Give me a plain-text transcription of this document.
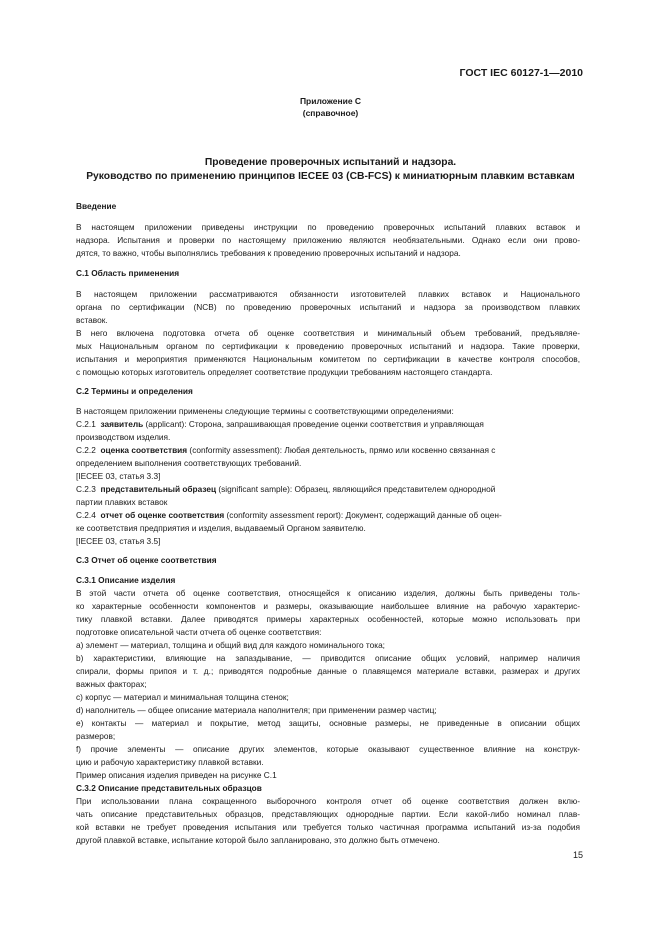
ГОСТ IEC 60127-1—2010
Приложение С
(справочное)
Проведение проверочных испытаний и надзора.
Руководство по применению принципов IECEE 03 (CB-FCS) к миниатюрным плавким вставкам
Введение
В настоящем приложении приведены инструкции по проведению проверочных испытаний плавких вставок и
надзора. Испытания и проверки по настоящему приложению являются необязательными. Однако если они прово-
дятся, то важно, чтобы выполнялись требования к проведению проверочных испытаний и надзора.
С.1 Область применения
В настоящем приложении рассматриваются обязанности изготовителей плавких вставок и Национального
органа по сертификации (NCB) по проведению проверочных испытаний и надзора за производством плавких
вставок.
В него включена подготовка отчета об оценке соответствия и минимальный объем требований, предъявляе-
мых Национальным органом по сертификации к проведению проверочных испытаний и надзора. Такие проверки,
испытания и мероприятия применяются Национальным комитетом по сертификации в качестве контроля способов,
с помощью которых изготовитель определяет соответствие продукции требованиям настоящего стандарта.
С.2 Термины и определения
В настоящем приложении применены следующие термины с соответствующими определениями:
С.2.1 заявитель (applicant): Сторона, запрашивающая проведение оценки соответствия и управляющая
производством изделия.
С.2.2 оценка соответствия (conformity assessment): Любая деятельность, прямо или косвенно связанная с
определением выполнения соответствующих требований.
[IECEE 03, статья 3.3]
С.2.3 представительный образец (significant sample): Образец, являющийся представителем однородной
партии плавких вставок
С.2.4 отчет об оценке соответствия (conformity assessment report): Документ, содержащий данные об оцен-
ке соответствия предприятия и изделия, выдаваемый Органом заявителю.
[IECEE 03, статья 3.5]
С.3 Отчет об оценке соответствия
С.3.1 Описание изделия
В этой части отчета об оценке соответствия, относящейся к описанию изделия, должны быть приведены толь-
ко характерные особенности компонентов и размеры, оказывающие наибольшее влияние на рабочую характерис-
тику плавкой вставки. Далее приводятся примеры характерных особенностей, которые можно использовать при
подготовке описательной части отчета об оценке соответствия:
а) элемент — материал, толщина и общий вид для каждого номинального тока;
b) характеристики, влияющие на запаздывание, — приводится описание общих условий, например наличия
спирали, формы припоя и т. д.; приводятся подробные данные о плавящемся материале вставки, размерах и других
важных факторах;
с) корпус — материал и минимальная толщина стенок;
d) наполнитель — общее описание материала наполнителя; при применении размер частиц;
е) контакты — материал и покрытие, метод защиты, основные размеры, не приведенные в описании общих
размеров;
f) прочие элементы — описание других элементов, которые оказывают существенное влияние на конструк-
цию и рабочую характеристику плавкой вставки.
Пример описания изделия приведен на рисунке С.1
С.3.2 Описание представительных образцов
При использовании плана сокращенного выборочного контроля отчет об оценке соответствия должен вклю-
чать описание представительных образцов, представляющих однородные партии. Если какой-либо номинал плав-
кой вставки не требует проведения испытания или требуется только частичная программа испытаний из-за подобия
другой плавкой вставке, испытание которой было запланировано, это должно быть отмечено.
15
